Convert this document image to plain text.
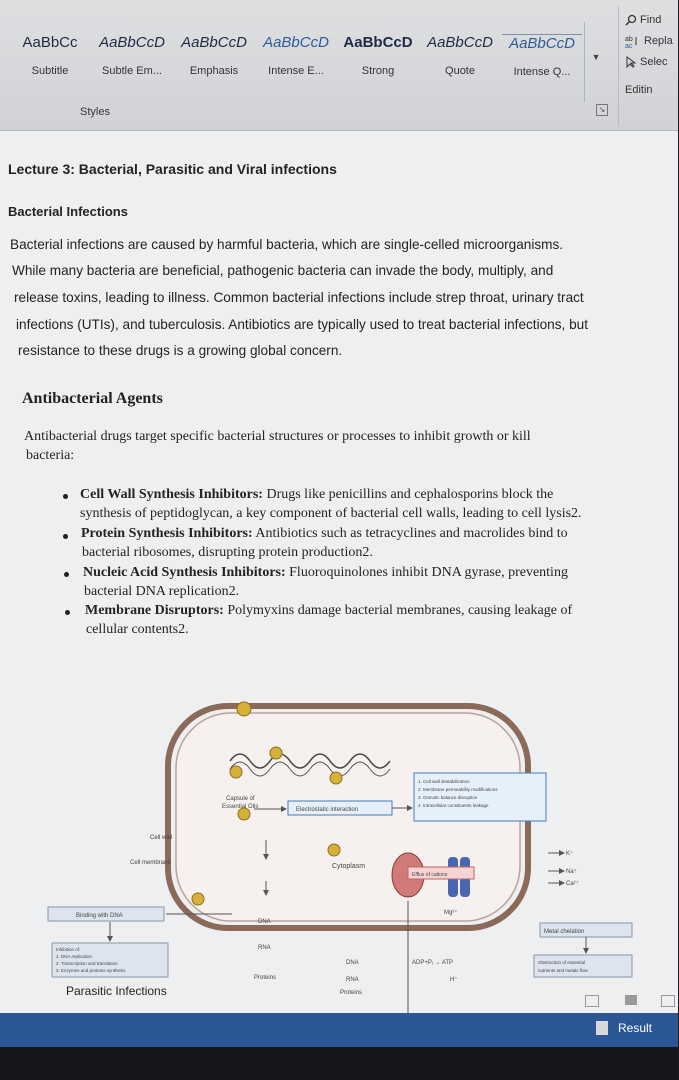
AaBbCc
Subtitle
AaBbCcD
Subtle Em...
AaBbCcD
Emphasis
AaBbCcD
Intense E...
AaBbCcD
Strong
AaBbCcD
Quote
AaBbCcD
Intense Q...
▼
Styles	↘
Find
ab
ac Repla
Selec
Editin
Lecture 3: Bacterial, Parasitic and Viral infections
Bacterial Infections
Bacterial infections are caused by harmful bacteria, which are single-celled microorganisms.
While many bacteria are beneficial, pathogenic bacteria can invade the body, multiply, and
release toxins, leading to illness. Common bacterial infections include strep throat, urinary tract
infections (UTIs), and tuberculosis. Antibiotics are typically used to treat bacterial infections, but
resistance to these drugs is a growing global concern.
Antibacterial Agents
Antibacterial drugs target specific bacterial structures or processes to inhibit growth or kill
bacteria:
Cell Wall Synthesis Inhibitors: Drugs like penicillins and cephalosporins block the
synthesis of peptidoglycan, a key component of bacterial cell walls, leading to cell lysis2.
Protein Synthesis Inhibitors: Antibiotics such as tetracyclines and macrolides bind to
bacterial ribosomes, disrupting protein production2.
Nucleic Acid Synthesis Inhibitors: Fluoroquinolones inhibit DNA gyrase, preventing
bacterial DNA replication2.
Membrane Disruptors: Polymyxins damage bacterial membranes, causing leakage of
cellular contents2.
Capsule of
Essential Oils	Electrostatic interaction
1. Cell wall destabilization
2. Membrane permeability modifications
3. Osmotic balance disruption
4. Intracellular constituents leakage
Cell wall
Cell membrane	Cytoplasm
Efflux of cations
K⁺
Na⁺
Ca²⁺
Binding with DNA
Inhibition of:
1. DNA replication
2. Transcription and translation
3. Enzymes and proteins synthesis
DNA
RNA
Proteins
DNA
RNA
Proteins
Mg²⁺
ADP+Pᵢ → ATP
H⁺
Metal chelation
Obstruction of essential
nutrients and metals flow
Parasitic Infections
Result
